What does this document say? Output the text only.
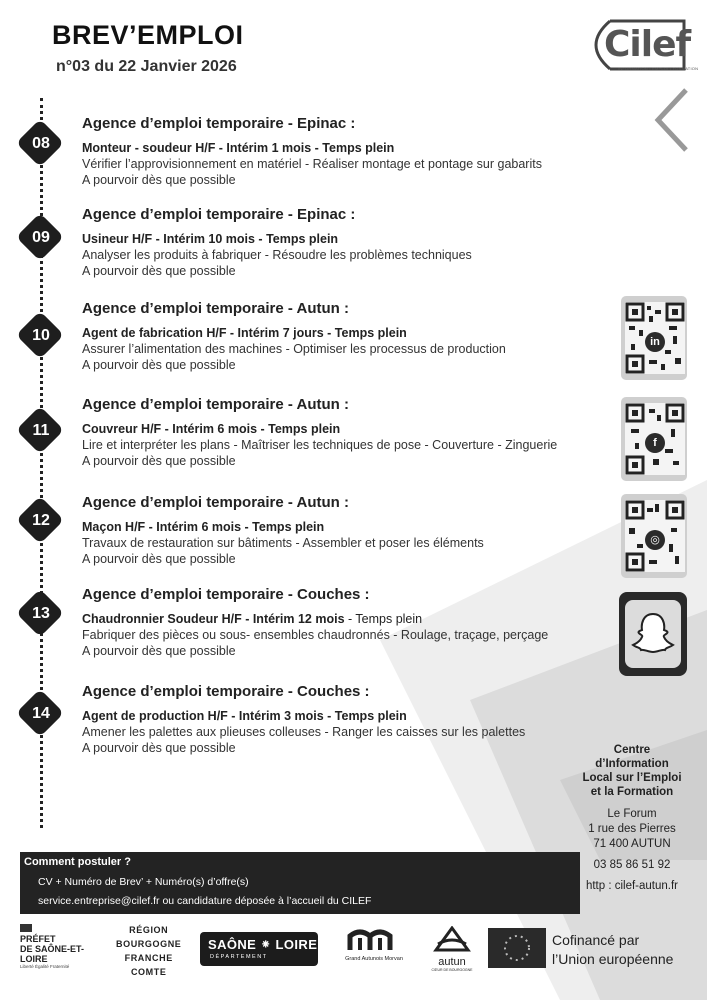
BREV’EMPLOI
n°03 du 22 Janvier 2026
Cilef
INFORMATION • EMPLOI • FORMATION
08
Agence d’emploi temporaire - Epinac :
Monteur - soudeur H/F - Intérim 1 mois - Temps plein
Vérifier l’approvisionnement en matériel - Réaliser montage et pontage sur gabarits
A pourvoir dès que possible
09
Agence d’emploi temporaire - Epinac :
Usineur H/F - Intérim 10 mois - Temps plein
Analyser les produits à fabriquer - Résoudre les problèmes techniques
A pourvoir dès que possible
10
Agence d’emploi temporaire - Autun :
Agent de fabrication H/F - Intérim 7 jours - Temps plein
Assurer l’alimentation des machines - Optimiser les processus de production
A pourvoir dès que possible
11
Agence d’emploi temporaire - Autun :
Couvreur H/F - Intérim 6 mois - Temps plein
Lire et interpréter les plans - Maîtriser les techniques de pose - Couverture - Zinguerie
A pourvoir dès que possible
12
Agence d’emploi temporaire - Autun :
Maçon H/F - Intérim 6 mois - Temps plein
Travaux de restauration sur bâtiments - Assembler et poser les éléments
A pourvoir dès que possible
13
Agence d’emploi temporaire - Couches :
Chaudronnier Soudeur H/F - Intérim 12 mois - Temps plein
Fabriquer des pièces ou sous- ensembles chaudronnés - Roulage, traçage, perçage
A pourvoir dès que possible
14
Agence d’emploi temporaire - Couches :
Agent de production H/F - Intérim 3 mois - Temps plein
Amener les palettes aux plieuses colleuses - Ranger les caisses sur les palettes
A pourvoir dès que possible
in
f
◎
Centre
d’Information
Local sur l’Emploi
et la Formation
Le Forum
1 rue des Pierres
71 400 AUTUN
03 85 86 51 92
http : cilef-autun.fr
Comment postuler ?
CV + Numéro de Brev’ + Numéro(s) d’offre(s)
service.entreprise@cilef.fr ou candidature déposée à l’accueil du CILEF
PRÉFET
DE SAÔNE-ET-LOIRE
Liberté Égalité Fraternité
RÉGION
BOURGOGNE
FRANCHE
COMTE
SAÔNE ⁕ LOIRE
DÉPARTEMENT	Grand Autunois Morvan	autun
CŒUR DE BOURGOGNE
Cofinancé par
l’Union européenne
